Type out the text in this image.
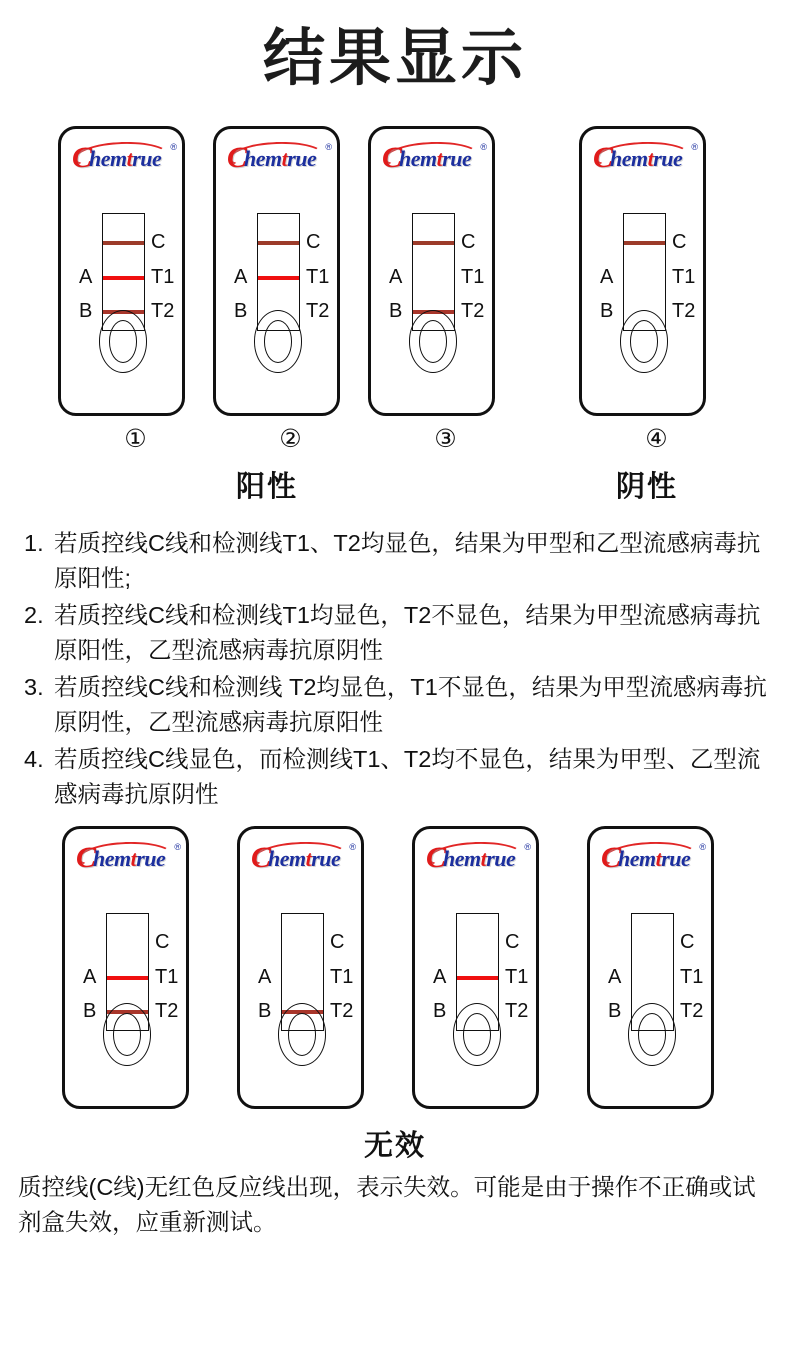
结果显示
C
hemtrue ®
A
B
C
T1
T2
C
hemtrue ®
A
B
C
T1
T2
C
hemtrue ®
A
B
C
T1
T2
C
hemtrue ®
A
B
C
T1
T2
①	②	③	④
阳性	阴性
1. 若质控线C线和检测线T1、T2均显色，结果为甲型和乙型流感病毒抗原阳性;
2. 若质控线C线和检测线T1均显色，T2不显色，结果为甲型流感病毒抗原阳性，乙型流感病毒抗原阴性
3. 若质控线C线和检测线 T2均显色，T1不显色，结果为甲型流感病毒抗原阴性，乙型流感病毒抗原阳性
4. 若质控线C线显色，而检测线T1、T2均不显色，结果为甲型、乙型流感病毒抗原阴性
C
hemtrue ®
A
B
C
T1
T2
C
hemtrue ®
A
B
C
T1
T2
C
hemtrue ®
A
B
C
T1
T2
C
hemtrue ®
A
B
C
T1
T2
无效
质控线(C线)无红色反应线出现，表示失效。可能是由于操作不正确或试剂盒失效，应重新测试。
